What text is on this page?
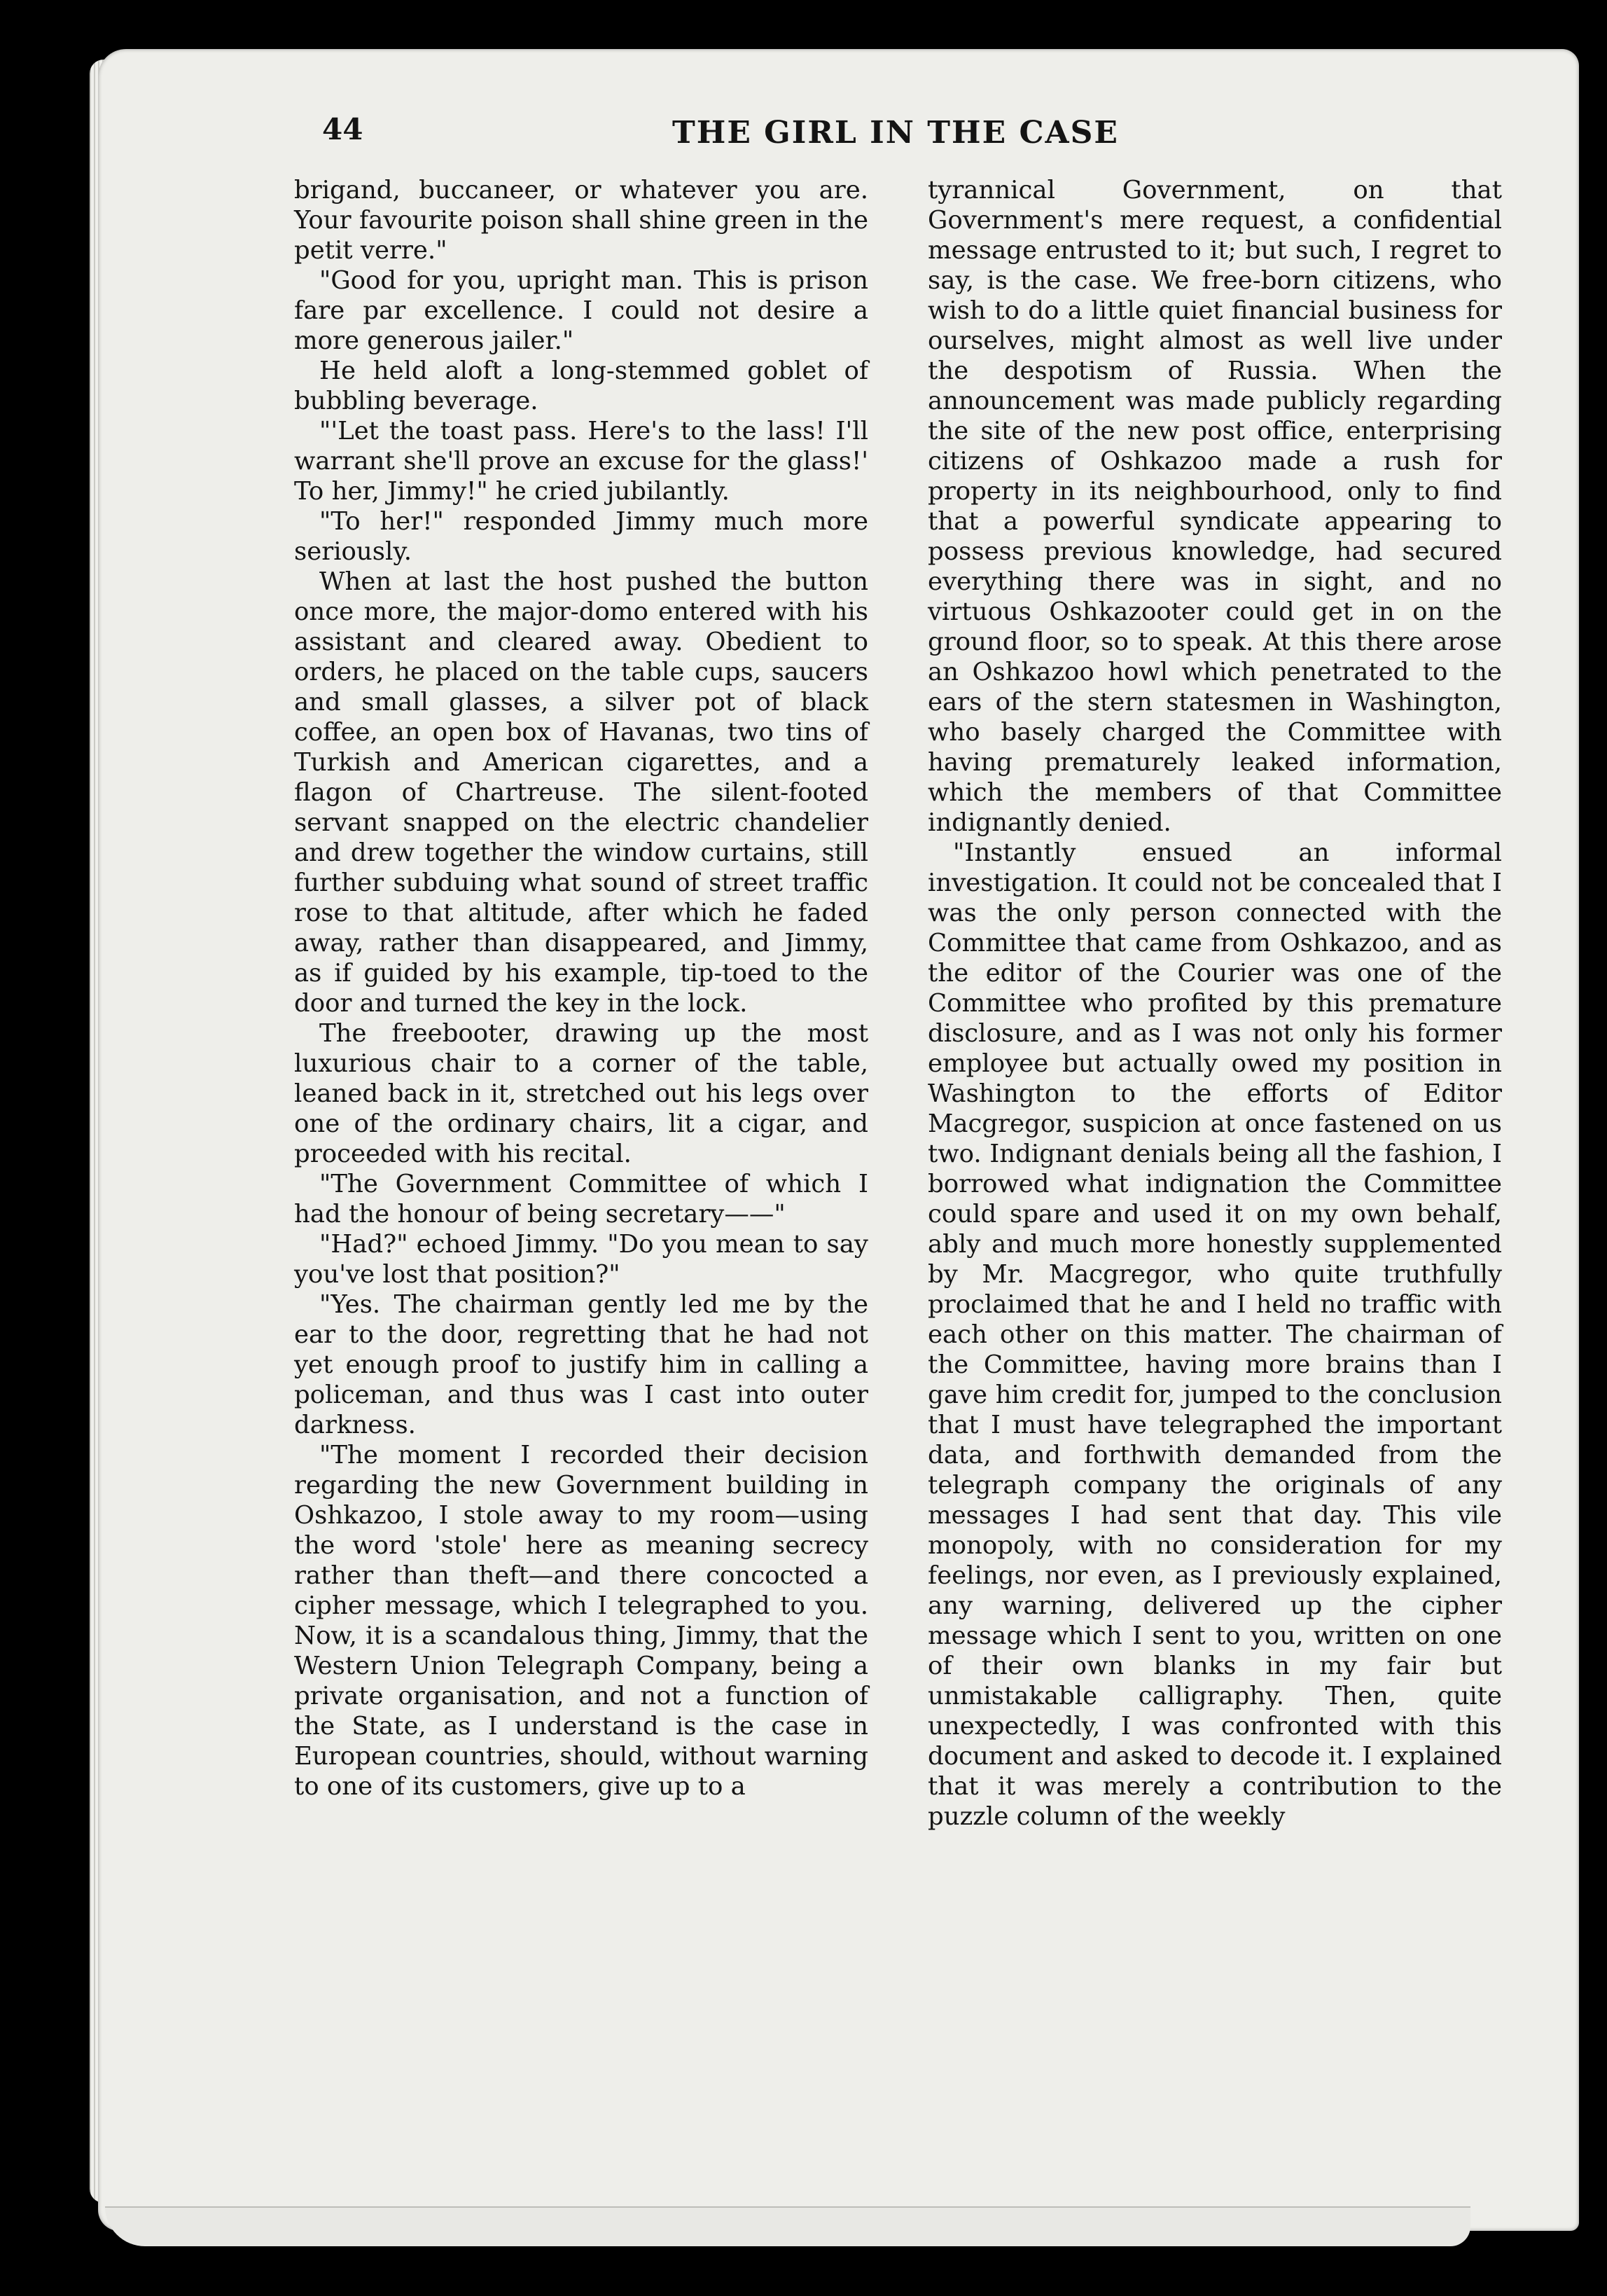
44	THE GIRL IN THE CASE

brigand, buccaneer, or whatever you are. Your favourite poison shall shine green in the petit verre."

"Good for you, upright man. This is prison fare par excellence. I could not desire a more generous jailer."

He held aloft a long-stemmed goblet of bubbling beverage.

"'Let the toast pass. Here's to the lass! I'll warrant she'll prove an excuse for the glass!' To her, Jimmy!" he cried jubilantly.

"To her!" responded Jimmy much more seriously.

When at last the host pushed the button once more, the major-domo entered with his assistant and cleared away. Obedient to orders, he placed on the table cups, saucers and small glasses, a silver pot of black coffee, an open box of Havanas, two tins of Turkish and American cigarettes, and a flagon of Chartreuse. The silent-footed servant snapped on the electric chandelier and drew together the window curtains, still further subduing what sound of street traffic rose to that altitude, after which he faded away, rather than disappeared, and Jimmy, as if guided by his example, tip-toed to the door and turned the key in the lock.

The freebooter, drawing up the most luxurious chair to a corner of the table, leaned back in it, stretched out his legs over one of the ordinary chairs, lit a cigar, and proceeded with his recital.

"The Government Committee of which I had the honour of being secretary——"

"Had?" echoed Jimmy. "Do you mean to say you've lost that position?"

"Yes. The chairman gently led me by the ear to the door, regretting that he had not yet enough proof to justify him in calling a policeman, and thus was I cast into outer darkness.

"The moment I recorded their decision regarding the new Government building in Oshkazoo, I stole away to my room—using the word 'stole' here as meaning secrecy rather than theft—and there concocted a cipher message, which I telegraphed to you. Now, it is a scandalous thing, Jimmy, that the Western Union Telegraph Company, being a private organisation, and not a function of the State, as I understand is the case in European countries, should, without warning to one of its customers, give up to a

tyrannical Government, on that Government's mere request, a confidential message entrusted to it; but such, I regret to say, is the case. We free-born citizens, who wish to do a little quiet financial business for ourselves, might almost as well live under the despotism of Russia. When the announcement was made publicly regarding the site of the new post office, enterprising citizens of Oshkazoo made a rush for property in its neighbourhood, only to find that a powerful syndicate appearing to possess previous knowledge, had secured everything there was in sight, and no virtuous Oshkazooter could get in on the ground floor, so to speak. At this there arose an Oshkazoo howl which penetrated to the ears of the stern statesmen in Washington, who basely charged the Committee with having prematurely leaked information, which the members of that Committee indignantly denied.

"Instantly ensued an informal investigation. It could not be concealed that I was the only person connected with the Committee that came from Oshkazoo, and as the editor of the Courier was one of the Committee who profited by this premature disclosure, and as I was not only his former employee but actually owed my position in Washington to the efforts of Editor Macgregor, suspicion at once fastened on us two. Indignant denials being all the fashion, I borrowed what indignation the Committee could spare and used it on my own behalf, ably and much more honestly supplemented by Mr. Macgregor, who quite truthfully proclaimed that he and I held no traffic with each other on this matter. The chairman of the Committee, having more brains than I gave him credit for, jumped to the conclusion that I must have telegraphed the important data, and forthwith demanded from the telegraph company the originals of any messages I had sent that day. This vile monopoly, with no consideration for my feelings, nor even, as I previously explained, any warning, delivered up the cipher message which I sent to you, written on one of their own blanks in my fair but unmistakable calligraphy. Then, quite unexpectedly, I was confronted with this document and asked to decode it. I explained that it was merely a contribution to the puzzle column of the weekly
